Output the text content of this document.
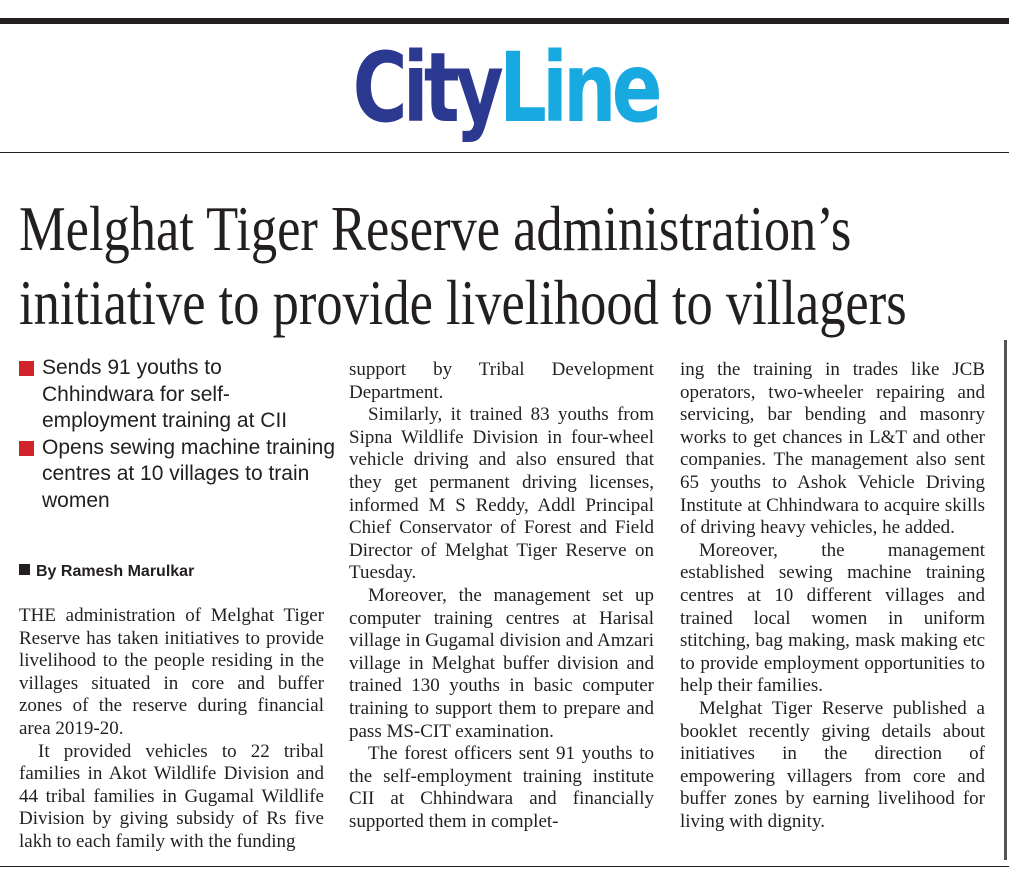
CityLine
Melghat Tiger Reserve administration’s
initiative to provide livelihood to villagers
Sends 91 youths to Chhindwara for self-employment training at CII
Opens sewing machine training centres at 10 villages to train women
By Ramesh Marulkar

THE administration of Melghat Tiger Reserve has taken initiatives to provide livelihood to the people residing in the villages situated in core and buffer zones of the reserve during financial area 2019-20.

It provided vehicles to 22 tribal families in Akot Wildlife Division and 44 tribal families in Gugamal Wildlife Division by giving subsidy of Rs five lakh to each family with the funding

support by Tribal Development Department.

Similarly, it trained 83 youths from Sipna Wildlife Division in four-wheel vehicle driving and also ensured that they get permanent driving licenses, informed M S Reddy, Addl Principal Chief Conservator of Forest and Field Director of Melghat Tiger Reserve on Tuesday.

Moreover, the management set up computer training centres at Harisal village in Gugamal division and Amzari village in Melghat buffer division and trained 130 youths in basic computer training to support them to prepare and pass MS-CIT examination.

The forest officers sent 91 youths to the self-employment training institute CII at Chhindwara and financially supported them in complet-

ing the training in trades like JCB operators, two-wheeler repairing and servicing, bar bending and masonry works to get chances in L&T and other companies. The management also sent 65 youths to Ashok Vehicle Driving Institute at Chhindwara to acquire skills of driving heavy vehicles, he added.

Moreover, the management established sewing machine training centres at 10 different villages and trained local women in uniform stitching, bag making, mask making etc to provide employment opportunities to help their families.

Melghat Tiger Reserve published a booklet recently giving details about initiatives in the direction of empowering villagers from core and buffer zones by earning livelihood for living with dignity.
